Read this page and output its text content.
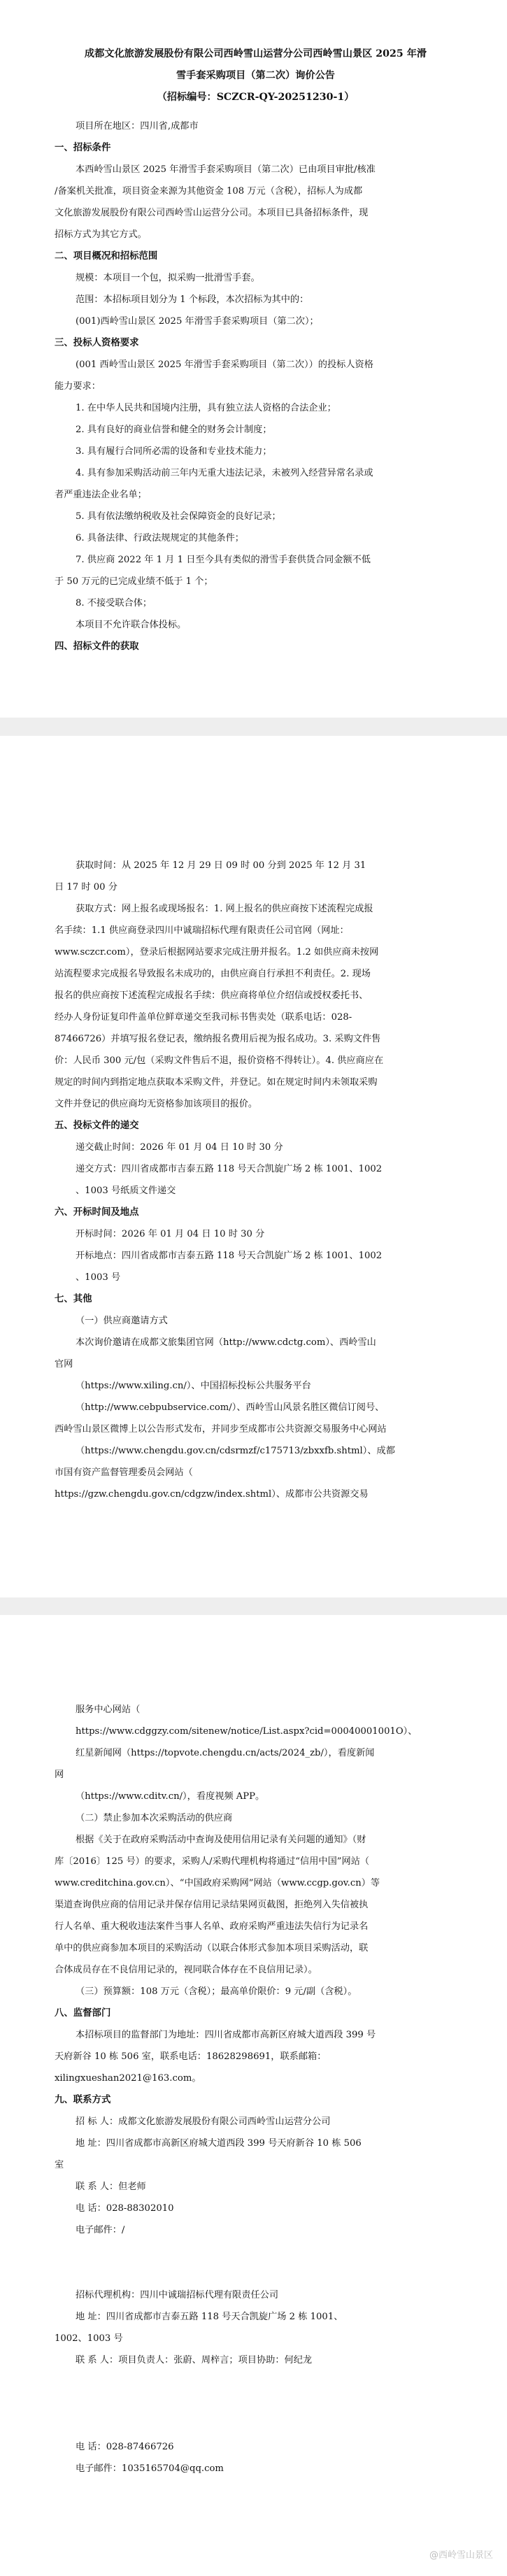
成都文化旅游发展股份有限公司西岭雪山运营分公司西岭雪山景区 2025 年滑
雪手套采购项目（第二次）询价公告
（招标编号：SCZCR-QY-20251230-1）
项目所在地区：四川省,成都市
一、招标条件
本西岭雪山景区 2025 年滑雪手套采购项目（第二次）已由项目审批/核准
/备案机关批准，项目资金来源为其他资金 108 万元（含税），招标人为成都
文化旅游发展股份有限公司西岭雪山运营分公司。本项目已具备招标条件，现
招标方式为其它方式。
二、项目概况和招标范围
规模：本项目一个包，拟采购一批滑雪手套。
范围：本招标项目划分为 1 个标段，本次招标为其中的：
(001)西岭雪山景区 2025 年滑雪手套采购项目（第二次）；
三、投标人资格要求
(001 西岭雪山景区 2025 年滑雪手套采购项目（第二次））的投标人资格
能力要求：
1. 在中华人民共和国境内注册，具有独立法人资格的合法企业；
2. 具有良好的商业信誉和健全的财务会计制度；
3. 具有履行合同所必需的设备和专业技术能力；
4. 具有参加采购活动前三年内无重大违法记录，未被列入经营异常名录或
者严重违法企业名单；
5. 具有依法缴纳税收及社会保障资金的良好记录；
6. 具备法律、行政法规规定的其他条件；
7. 供应商 2022 年 1 月 1 日至今具有类似的滑雪手套供货合同金额不低
于 50 万元的已完成业绩不低于 1 个；
8. 不接受联合体；
本项目不允许联合体投标。
四、招标文件的获取
获取时间：从 2025 年 12 月 29 日 09 时 00 分到 2025 年 12 月 31
日 17 时 00 分
获取方式：网上报名或现场报名：1. 网上报名的供应商按下述流程完成报
名手续：1.1 供应商登录四川中诚瑞招标代理有限责任公司官网（网址：
www.sczcr.com），登录后根据网站要求完成注册并报名。1.2 如供应商未按网
站流程要求完成报名导致报名未成功的，由供应商自行承担不利责任。2. 现场
报名的供应商按下述流程完成报名手续：供应商将单位介绍信或授权委托书、
经办人身份证复印件盖单位鲜章递交至我司标书售卖处（联系电话：028-
87466726）并填写报名登记表，缴纳报名费用后视为报名成功。3. 采购文件售
价：人民币 300 元/包（采购文件售后不退，报价资格不得转让）。4. 供应商应在
规定的时间内到指定地点获取本采购文件，并登记。如在规定时间内未领取采购
文件并登记的供应商均无资格参加该项目的报价。
五、投标文件的递交
递交截止时间：2026 年 01 月 04 日 10 时 30 分
递交方式：四川省成都市吉泰五路 118 号天合凯旋广场 2 栋 1001、1002
、1003 号纸质文件递交
六、开标时间及地点
开标时间：2026 年 01 月 04 日 10 时 30 分
开标地点：四川省成都市吉泰五路 118 号天合凯旋广场 2 栋 1001、1002
、1003 号
七、其他
（一）供应商邀请方式
本次询价邀请在成都文旅集团官网（http://www.cdctg.com）、西岭雪山
官网
（https://www.xiling.cn/）、中国招标投标公共服务平台
（http://www.cebpubservice.com/）、西岭雪山风景名胜区微信订阅号、
西岭雪山景区微博上以公告形式发布，并同步至成都市公共资源交易服务中心网站
（https://www.chengdu.gov.cn/cdsrmzf/c175713/zbxxfb.shtml）、成都
市国有资产监督管理委员会网站（
https://gzw.chengdu.gov.cn/cdgzw/index.shtml）、成都市公共资源交易
服务中心网站（
https://www.cdggzy.com/sitenew/notice/List.aspx?cid=00040001001O）、
红星新闻网（https://topvote.chengdu.cn/acts/2024_zb/），看度新闻
网
（https://www.cditv.cn/），看度视频 APP。
（二）禁止参加本次采购活动的供应商
根据《关于在政府采购活动中查询及使用信用记录有关问题的通知》（财
库〔2016〕125 号）的要求，采购人/采购代理机构将通过“信用中国”网站（
www.creditchina.gov.cn）、“中国政府采购网”网站（www.ccgp.gov.cn）等
渠道查询供应商的信用记录并保存信用记录结果网页截图，拒绝列入失信被执
行人名单、重大税收违法案件当事人名单、政府采购严重违法失信行为记录名
单中的供应商参加本项目的采购活动（以联合体形式参加本项目采购活动，联
合体成员存在不良信用记录的，视同联合体存在不良信用记录）。
（三）预算额：108 万元（含税）；最高单价限价：9 元/副（含税）。
八、监督部门
本招标项目的监督部门为地址：四川省成都市高新区府城大道西段 399 号
天府新谷 10 栋 506 室，联系电话：18628298691，联系邮箱：
xilingxueshan2021@163.com。
九、联系方式
招 标 人：成都文化旅游发展股份有限公司西岭雪山运营分公司
地 址：四川省成都市高新区府城大道西段 399 号天府新谷 10 栋 506
室
联 系 人：但老师
电 话：028-88302010
电子邮件：/
招标代理机构：四川中诚瑞招标代理有限责任公司
地 址：四川省成都市吉泰五路 118 号天合凯旋广场 2 栋 1001、
1002、1003 号
联 系 人：项目负责人：张蔚、周梓言；项目协助：何纪龙
电 话：028-87466726
电子邮件：1035165704@qq.com
@西岭雪山景区
